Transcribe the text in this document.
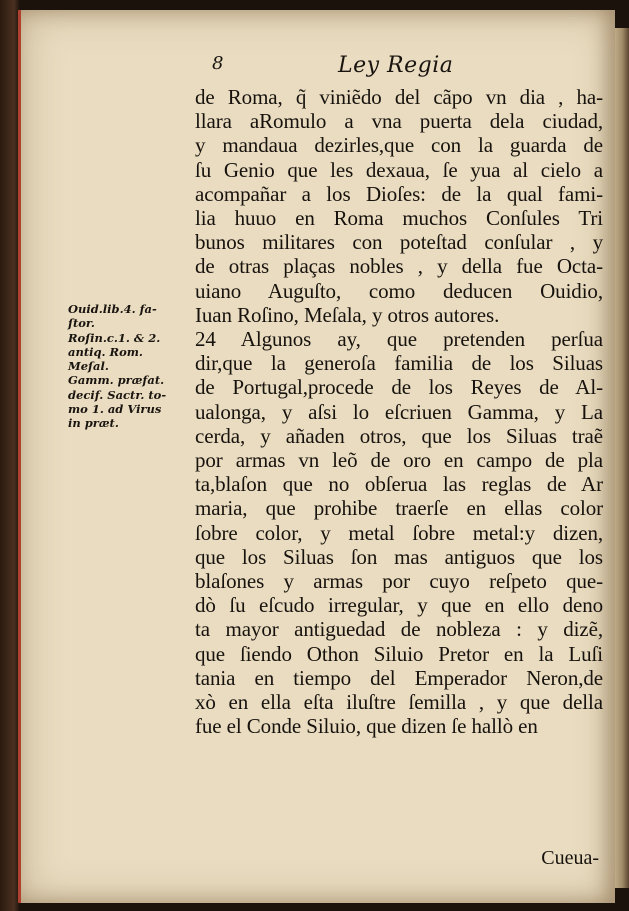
8	Ley Regia
de Roma, q̃ viniẽdo del cãpo vn dia , ha-
llara aRomulo a vna puerta dela ciudad,
y mandaua dezirles,que con la guarda de
ſu Genio que les dexaua, ſe yua al cielo a
acompañar a los Dioſes: de la qual fami-
lia huuo en Roma muchos Conſules Tri
bunos militares con poteſtad conſular , y
de otras plaças nobles , y della fue Octa-
uiano Auguſto, como deducen Ouidio,
Iuan Roſino, Meſala, y otros autores.
24 Algunos ay, que pretenden perſua
dir,que la generoſa familia de los Siluas
de Portugal,procede de los Reyes de Al-
ualonga, y aſsi lo eſcriuen Gamma, y La
cerda, y añaden otros, que los Siluas traẽ
por armas vn leõ de oro en campo de pla
ta,blaſon que no obſerua las reglas de Ar
maria, que prohibe traerſe en ellas color
ſobre color, y metal ſobre metal:y dizen,
que los Siluas ſon mas antiguos que los
blaſones y armas por cuyo reſpeto que-
dò ſu eſcudo irregular, y que en ello deno
ta mayor antiguedad de nobleza : y dizẽ,
que ſiendo Othon Siluio Pretor en la Luſi
tania en tiempo del Emperador Neron,de
xò en ella eſta iluſtre ſemilla , y que della
fue el Conde Siluio, que dizen ſe hallò en
Ouid.lib.4. fa-
ſtor.
Roſin.c.1. & 2.
antiq. Rom.
Meſal.
Gamm. præfat.
decif. Sactr. to-
mo 1. ad Virus
in præt.
Cueua-
